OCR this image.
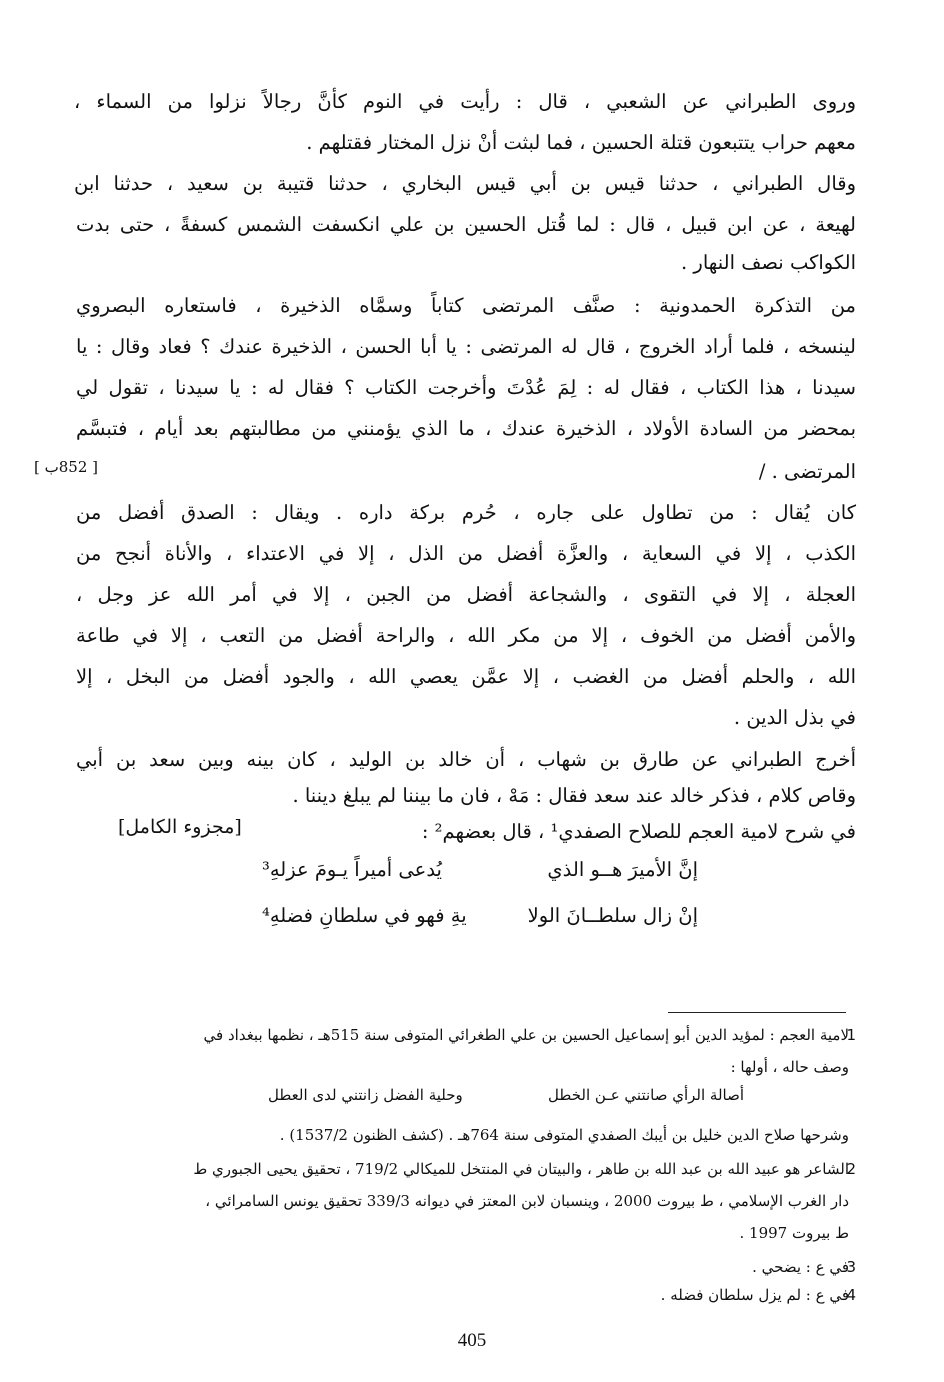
وروى الطبراني عن الشعبي ، قال : رأيت في النوم كأنَّ رجالاً نزلوا من السماء ،
معهم حراب يتتبعون قتلة الحسين ، فما لبثت أنْ نزل المختار فقتلهم .
وقال الطبراني ، حدثنا قيس بن أبي قيس البخاري ، حدثنا قتيبة بن سعيد ، حدثنا ابن
لهيعة ، عن ابن قبيل ، قال : لما قُتل الحسين بن علي انكسفت الشمس كسفةً ، حتى بدت
الكواكب نصف النهار .
من التذكرة الحمدونية : صنَّف المرتضى كتاباً وسمَّاه الذخيرة ، فاستعاره البصروي
لينسخه ، فلما أراد الخروج ، قال له المرتضى : يا أبا الحسن ، الذخيرة عندك ؟ فعاد وقال : يا
سيدنا ، هذا الكتاب ، فقال له : لِمَ عُدْتَ وأخرجت الكتاب ؟ فقال له : يا سيدنا ، تقول لي
بمحضر من السادة الأولاد ، الذخيرة عندك ، ما الذي يؤمنني من مطالبتهم بعد أيام ، فتبسَّم
المرتضى . /
[ 852ب ]
كان يُقال : من تطاول على جاره ، حُرم بركة داره . ويقال : الصدق أفضل من
الكذب ، إلا في السعاية ، والعزَّة أفضل من الذل ، إلا في الاعتداء ، والأناة أنجح من
العجلة ، إلا في التقوى ، والشجاعة أفضل من الجبن ، إلا في أمر الله عز وجل ،
والأمن أفضل من الخوف ، إلا من مكر الله ، والراحة أفضل من التعب ، إلا في طاعة
الله ، والحلم أفضل من الغضب ، إلا عمَّن يعصي الله ، والجود أفضل من البخل ، إلا
في بذل الدين .
أخرج الطبراني عن طارق بن شهاب ، أن خالد بن الوليد ، كان بينه وبين سعد بن أبي
وقاص كلام ، فذكر خالد عند سعد فقال : مَهْ ، فان ما بيننا لم يبلغ ديننا .
في شرح لامية العجم للصلاح الصفدي¹ ، قال بعضهم² :
[مجزوء الكامل]
إنَّ الأميرَ هــو الذي
يُدعى أميراً يـومَ عزلهِ³
إنْ زال سلطــانَ الولا
يةِ فهو في سلطانِ فضلهِ⁴
1
لامية العجم : لمؤيد الدين أبو إسماعيل الحسين بن علي الطغرائي المتوفى سنة 515هـ ، نظمها ببغداد في
وصف حاله ، أولها :
أصالة الرأي صانتني عـن الخطل
وحلية الفضل زانتني لدى العطل
وشرحها صلاح الدين خليل بن أيبك الصفدي المتوفى سنة 764هـ . (كشف الظنون 1537/2) .
2
الشاعر هو عبيد الله بن عبد الله بن طاهر ، والبيتان في المنتخل للميكالي 719/2 ، تحقيق يحيى الجبوري ط
دار الغرب الإسلامي ، ط بيروت 2000 ، وينسبان لابن المعتز في ديوانه 339/3 تحقيق يونس السامرائي ،
ط بيروت 1997 .
3
في ع : يضحي .
4
في ع : لم يزل سلطان فضله .
405
